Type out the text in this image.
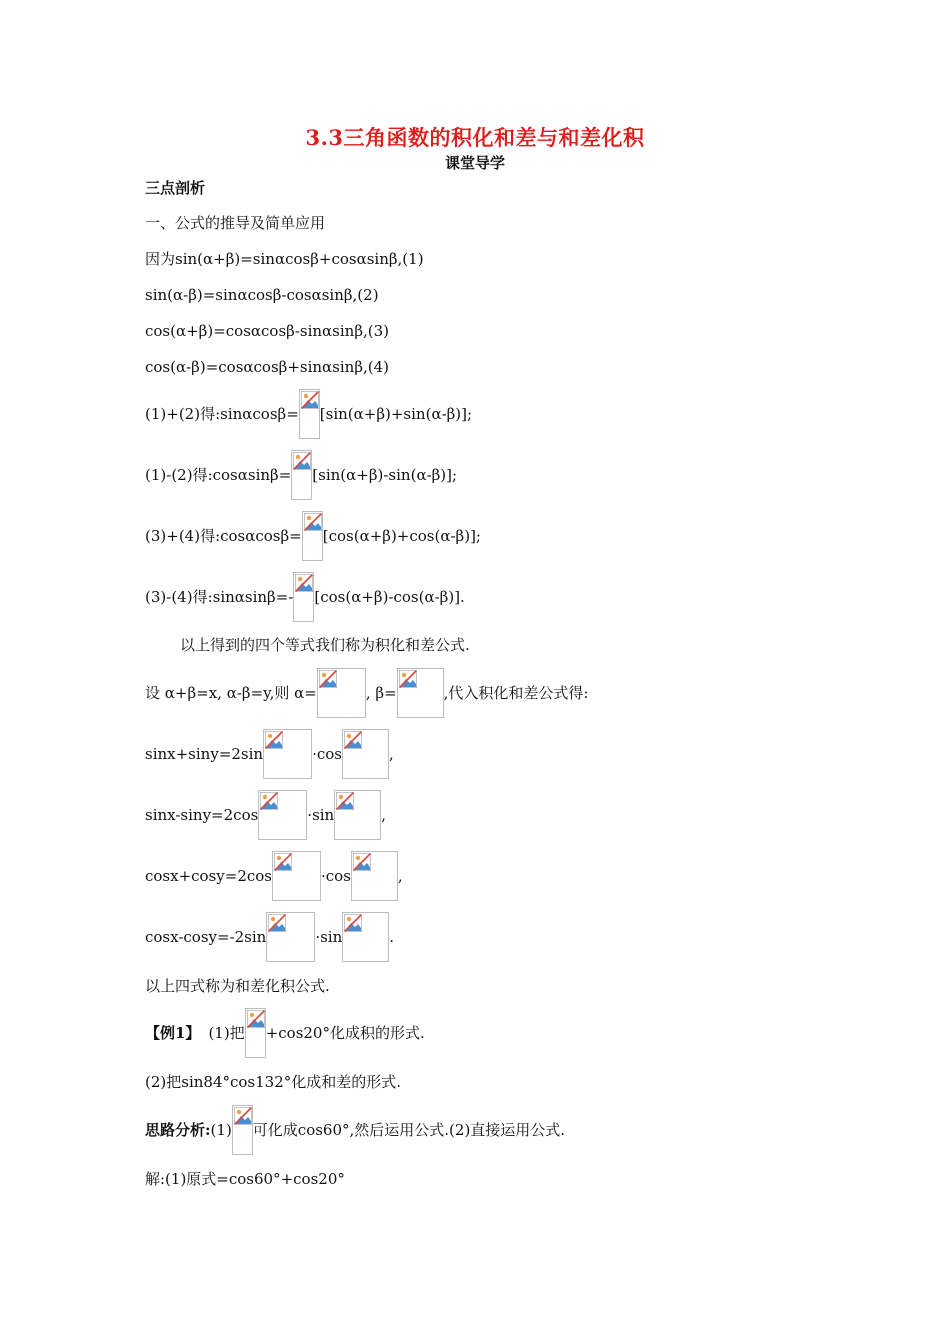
3.3三角函数的积化和差与和差化积
课堂导学
三点剖析
一、公式的推导及简单应用
因为sin(α+β)=sinαcosβ+cosαsinβ,(1)
sin(α-β)=sinαcosβ-cosαsinβ,(2)
cos(α+β)=cosαcosβ-sinαsinβ,(3)
cos(α-β)=cosαcosβ+sinαsinβ,(4)
(1)+(2)得:sinαcosβ= [sin(α+β)+sin(α-β)];
(1)-(2)得:cosαsinβ= [sin(α+β)-sin(α-β)];
(3)+(4)得:cosαcosβ= [cos(α+β)+cos(α-β)];
(3)-(4)得:sinαsinβ=- [cos(α+β)-cos(α-β)].
以上得到的四个等式我们称为积化和差公式.
设 α+β=x, α-β=y,则 α=	, β=	,代入积化和差公式得:
sinx+siny=2sin	·cos	,
sinx-siny=2cos	·sin	,
cosx+cosy=2cos	·cos	,
cosx-cosy=-2sin	·sin	.
以上四式称为和差化积公式.
【例1】 (1)把 +cos20°化成积的形式.
(2)把sin84°cos132°化成和差的形式.
思路分析:(1) 可化成cos60°,然后运用公式.(2)直接运用公式.
解:(1)原式=cos60°+cos20°
